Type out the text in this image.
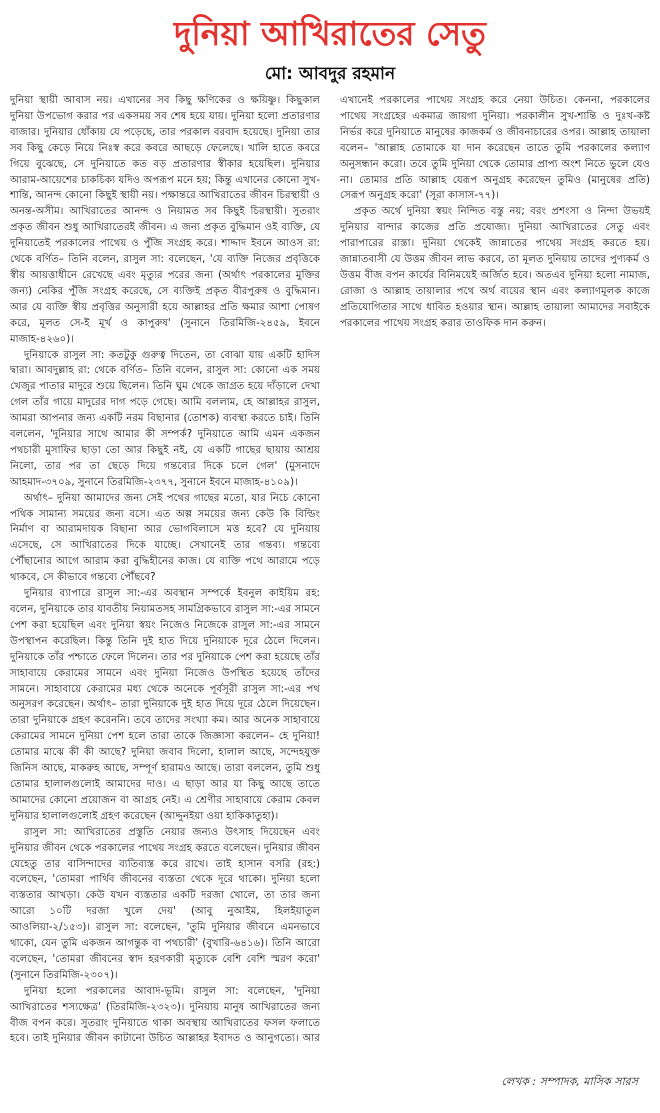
দুনিয়া আখিরাতের সেতু
মো: আবদুর রহমান

দুনিয়া স্থায়ী আবাস নয়। এখানের সব কিছু ক্ষণিকের ও ক্ষয়িষ্ণু। কিছুকাল দুনিয়া উপভোগ করার পর একসময় সব শেষ হয়ে যায়। দুনিয়া হলো প্রতারণার বাজার। দুনিয়ার ধোঁকায় যে পড়েছে, তার পরকাল বরবাদ হয়েছে। দুনিয়া তার সব কিছু কেড়ে নিয়ে নিঃস্ব করে কবরে আছড়ে ফেলেছে। খালি হাতে কবরে গিয়ে বুঝেছে, সে দুনিয়াতে কত বড় প্রতারণার স্বীকার হয়েছিল। দুনিয়ার আরাম-আয়েশের চাকচিক্য যদিও অপরূপ মনে হয়; কিন্তু এখানের কোনো সুখ-শান্তি, আনন্দ কোনো কিছুই স্থায়ী নয়। পক্ষান্তরে আখিরাতের জীবন চিরস্থায়ী ও অনন্ত-অসীম। আখিরাতের আনন্দ ও নিয়ামত সব কিছুই চিরস্থায়ী। সুতরাং প্রকৃত জীবন শুধু আখিরাতেরই জীবন। এ জন্য প্রকৃত বুদ্ধিমান ওই ব্যক্তি, যে দুনিয়াতেই পরকালের পাথেয় ও পুঁজি সংগ্রহ করে। শাদ্দাদ ইবনে আওস রা: থেকে বর্ণিত– তিনি বলেন, রাসুল সা: বলেছেন, 'যে ব্যক্তি নিজের প্রবৃত্তিকে স্বীয় আয়ত্তাধীনে রেখেছে এবং মৃত্যুর পরের জন্য (অর্থাৎ পরকালের মুক্তির জন্য) নেকির পুঁজি সংগ্রহ করেছে, সে ব্যক্তিই প্রকৃত বীরপুরুষ ও বুদ্ধিমান। আর যে ব্যক্তি স্বীয় প্রবৃত্তির অনুসারী হয়ে আল্লাহর প্রতি ক্ষমার আশা পোষণ করে, মূলত সে-ই মূর্খ ও কাপুরুষ' (সুনানে তিরমিজি-২৪৫৯, ইবনে মাজাহ-৪২৬০)।

দুনিয়াকে রাসুল সা: কতটুকু গুরুত্ব দিতেন, তা বোঝা যায় একটি হাদিস দ্বারা। আবদুল্লাহ রা: থেকে বর্ণিত– তিনি বলেন, রাসুল সা: কোনো এক সময় খেজুর পাতার মাদুরে শুয়ে ছিলেন। তিনি ঘুম থেকে জাগ্রত হয়ে দাঁড়ালে দেখা গেল তাঁর গায়ে মাদুরের দাগ পড়ে গেছে। আমি বললাম, হে আল্লাহর রাসুল, আমরা আপনার জন্য একটি নরম বিছানার (তোশক) ব্যবস্থা করতে চাই। তিনি বললেন, 'দুনিয়ার সাথে আমার কী সম্পর্ক? দুনিয়াতে আমি এমন একজন পথচারী মুসাফির ছাড়া তো আর কিছুই নই, যে একটি গাছের ছায়ায় আশ্রয় নিলো, তার পর তা ছেড়ে দিয়ে গন্তব্যের দিকে চলে গেল' (মুসনাদে আহমাদ-৩৭০৯, সুনানে তিরমিজি-২৩৭৭, সুনানে ইবনে মাজাহ-৪১০৯)।

অর্থাৎ– দুনিয়া আমাদের জন্য সেই পথের গাছের মতো, যার নিচে কোনো পথিক সামান্য সময়ের জন্য বসে। এত অল্প সময়ের জন্য কেউ কি বিল্ডিং নির্মাণ বা আরামদায়ক বিছানা আর ভোগবিলাসে মত্ত হবে? যে দুনিয়ায় এসেছে, সে আখিরাতের দিকে যাচ্ছে। সেখানেই তার গন্তব্য। গন্তব্যে পৌঁছানোর আগে আরাম করা বুদ্ধিহীনের কাজ। যে ব্যক্তি পথে আরামে পড়ে থাকবে, সে কীভাবে গন্তব্যে পৌঁছবে?

দুনিয়ার ব্যাপারে রাসুল সা:-এর অবস্থান সম্পর্কে ইবনুল কাইয়িম রহ: বলেন, দুনিয়াকে তার যাবতীয় নিয়ামতসহ সামগ্রিকভাবে রাসুল সা:-এর সামনে পেশ করা হয়েছিল এবং দুনিয়া স্বয়ং নিজেও নিজেকে রাসুল সা:-এর সামনে উপস্থাপন করেছিল। কিন্তু তিনি দুই হাত দিয়ে দুনিয়াকে দূরে ঠেলে দিলেন। দুনিয়াকে তাঁর পশ্চাতে ফেলে দিলেন। তার পর দুনিয়াকে পেশ করা হয়েছে তাঁর সাহাবায়ে কেরামের সামনে এবং দুনিয়া নিজেও উপস্থিত হয়েছে তাঁদের সামনে। সাহাবায়ে কেরামের মধ্য থেকে অনেকে পূর্বসূরী রাসুল সা:-এর পথ অনুসরণ করেছেন। অর্থাৎ– তারা দুনিয়াকে দুই হাত দিয়ে দূরে ঠেলে দিয়েছেন। তারা দুনিয়াকে গ্রহণ করেননি। তবে তাদের সংখ্যা কম। আর অনেক সাহাবায়ে কেরামের সামনে দুনিয়া পেশ হলে তারা তাকে জিজ্ঞাসা করলেন– হে দুনিয়া! তোমার মাঝে কী কী আছে? দুনিয়া জবাব দিলো, হালাল আছে, সন্দেহযুক্ত জিনিস আছে, মাকরুহ আছে, সম্পূর্ণ হারামও আছে। তারা বললেন, তুমি শুধু তোমার হালালগুলোই আমাদের দাও। এ ছাড়া আর যা কিছু আছে তাতে আমাদের কোনো প্রয়োজন বা আগ্রহ নেই। এ শ্রেণীর সাহাবায়ে কেরাম কেবল দুনিয়ার হালালগুলোই গ্রহণ করেছেন (আদ্দুনইয়া ওয়া হাকিকাতুহা)।

রাসুল সা: আখিরাতের প্রস্তুতি নেয়ার জন্যও উৎসাহ দিয়েছেন এবং দুনিয়ার জীবন থেকে পরকালের পাথেয় সংগ্রহ করতে বলেছেন। দুনিয়ার জীবন যেহেতু তার বাসিন্দাদের ব্যতিব্যস্ত করে রাখে। তাই হাসান বসরি (রহ:) বলেছেন, 'তোমরা পার্থিব জীবনের ব্যস্ততা থেকে দূরে থাকো। দুনিয়া হলো ব্যস্ততার আখড়া। কেউ যখন ব্যস্ততার একটি দরজা খোলে, তা তার জন্য আরো ১০টি দরজা খুলে দেয়' (আবু নুআইম, হিলইয়াতুল আওলিয়া-২/১৫৩)। রাসুল সা: বলেছেন, 'তুমি দুনিয়ার জীবনে এমনভাবে থাকো, যেন তুমি একজন আগন্তুক বা পথচারী' (বুখারি-৬৪১৬)। তিনি আরো বলেছেন, 'তোমরা জীবনের স্বাদ হরণকারী মৃত্যুকে বেশি বেশি স্মরণ করো' (সুনানে তিরমিজি-২৩০৭)।

দুনিয়া হলো পরকালের আবাদ-ভূমি। রাসুল সা: বলেছেন, 'দুনিয়া আখিরাতের শস্যক্ষেত্র' (তিরমিজি-২৩২৩)। দুনিয়ায় মানুষ আখিরাতের জন্য বীজ বপন করে। সুতরাং দুনিয়াতে থাকা অবস্থায় আখিরাতের ফসল ফলাতে হবে। তাই দুনিয়ার জীবন কাটানো উচিত আল্লাহর ইবাদত ও আনুগত্যে। আর এখানেই পরকালের পাথেয় সংগ্রহ করে নেয়া উচিত। কেননা, পরকালের পাথেয় সংগ্রহের একমাত্র জায়গা দুনিয়া। পরকালীন সুখ-শান্তি ও দুঃখ-কষ্ট নির্ভর করে দুনিয়াতে মানুষের কাজকর্ম ও জীবনাচারের ওপর। আল্লাহ তায়ালা বলেন– 'আল্লাহ তোমাকে যা দান করেছেন তাতে তুমি পরকালের কল্যাণ অনুসন্ধান করো। তবে তুমি দুনিয়া থেকে তোমার প্রাপ্য অংশ নিতে ভুলে যেও না। তোমার প্রতি আল্লাহ যেরূপ অনুগ্রহ করেছেন তুমিও (মানুষের প্রতি) সেরূপ অনুগ্রহ করো' (সূরা কাসাস-৭৭)।

প্রকৃত অর্থে দুনিয়া স্বয়ং নিন্দিত বস্তু নয়; বরং প্রশংসা ও নিন্দা উভয়ই দুনিয়ার বান্দার কাজের প্রতি প্রযোজ্য। দুনিয়া আখিরাতের সেতু এবং পারাপারের রাস্তা। দুনিয়া থেকেই জান্নাতের পাথেয় সংগ্রহ করতে হয়। জান্নাতবাসী যে উত্তম জীবন লাভ করবে, তা মূলত দুনিয়ায় তাদের পুণ্যকর্ম ও উত্তম বীজ বপন কার্যের বিনিময়েই অর্জিত হবে। অতএব দুনিয়া হলো নামাজ, রোজা ও আল্লাহ তায়ালার পথে অর্থ ব্যয়ের স্থান এবং কল্যাণমূলক কাজে প্রতিযোগিতার সাথে ধাবিত হওয়ার স্থান। আল্লাহ তায়ালা আমাদের সবাইকে পরকালের পাথেয় সংগ্রহ করার তাওফিক দান করুন।

লেখক : সম্পাদক, মাসিক সারস
